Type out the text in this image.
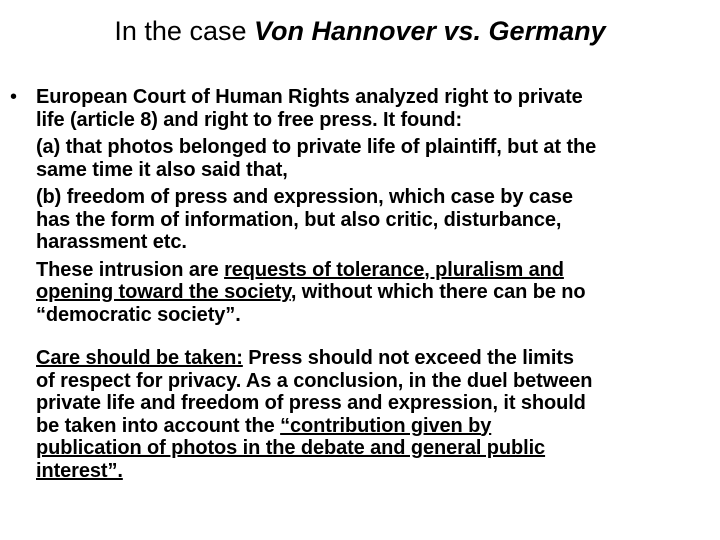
In the case Von Hannover vs. Germany
• European Court of Human Rights analyzed right to private
life (article 8) and right to free press. It found:
(a) that photos belonged to private life of plaintiff, but at the
same time it also said that,
(b) freedom of press and expression, which case by case
has the form of information, but also critic, disturbance,
harassment etc.
These intrusion are requests of tolerance, pluralism and
opening toward the society, without which there can be no
“democratic society”.
Care should be taken: Press should not exceed the limits
of respect for privacy. As a conclusion, in the duel between
private life and freedom of press and expression, it should
be taken into account the “contribution given by
publication of photos in the debate and general public
interest”.
